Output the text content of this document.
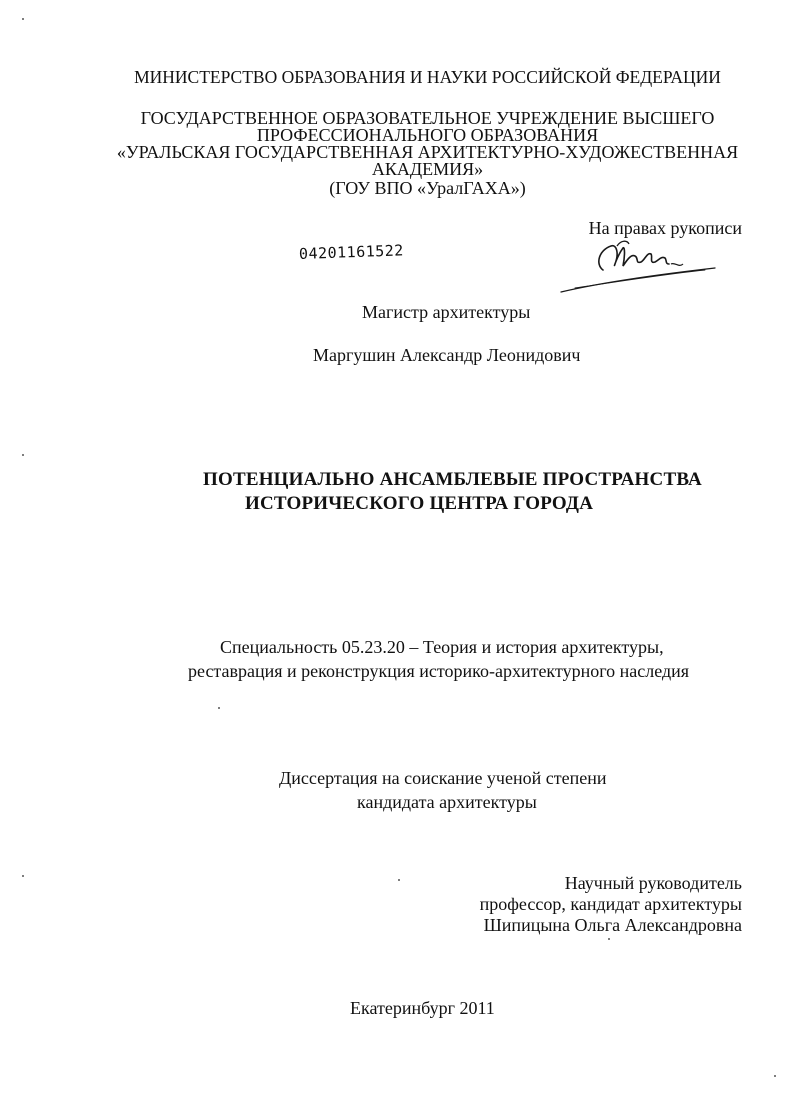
МИНИСТЕРСТВО ОБРАЗОВАНИЯ И НАУКИ РОССИЙСКОЙ ФЕДЕРАЦИИ
ГОСУДАРСТВЕННОЕ ОБРАЗОВАТЕЛЬНОЕ УЧРЕЖДЕНИЕ ВЫСШЕГО
ПРОФЕССИОНАЛЬНОГО ОБРАЗОВАНИЯ
«УРАЛЬСКАЯ ГОСУДАРСТВЕННАЯ АРХИТЕКТУРНО-ХУДОЖЕСТВЕННАЯ
АКАДЕМИЯ»
(ГОУ ВПО «УралГАХА»)
На правах рукописи
04201161522
Магистр архитектуры
Маргушин Александр Леонидович
ПОТЕНЦИАЛЬНО АНСАМБЛЕВЫЕ ПРОСТРАНСТВА
ИСТОРИЧЕСКОГО ЦЕНТРА ГОРОДА
Специальность 05.23.20 – Теория и история архитектуры,
реставрация и реконструкция историко-архитектурного наследия
Диссертация на соискание ученой степени
кандидата архитектуры
Научный руководитель
профессор, кандидат архитектуры
Шипицына Ольга Александровна
Екатеринбург 2011
